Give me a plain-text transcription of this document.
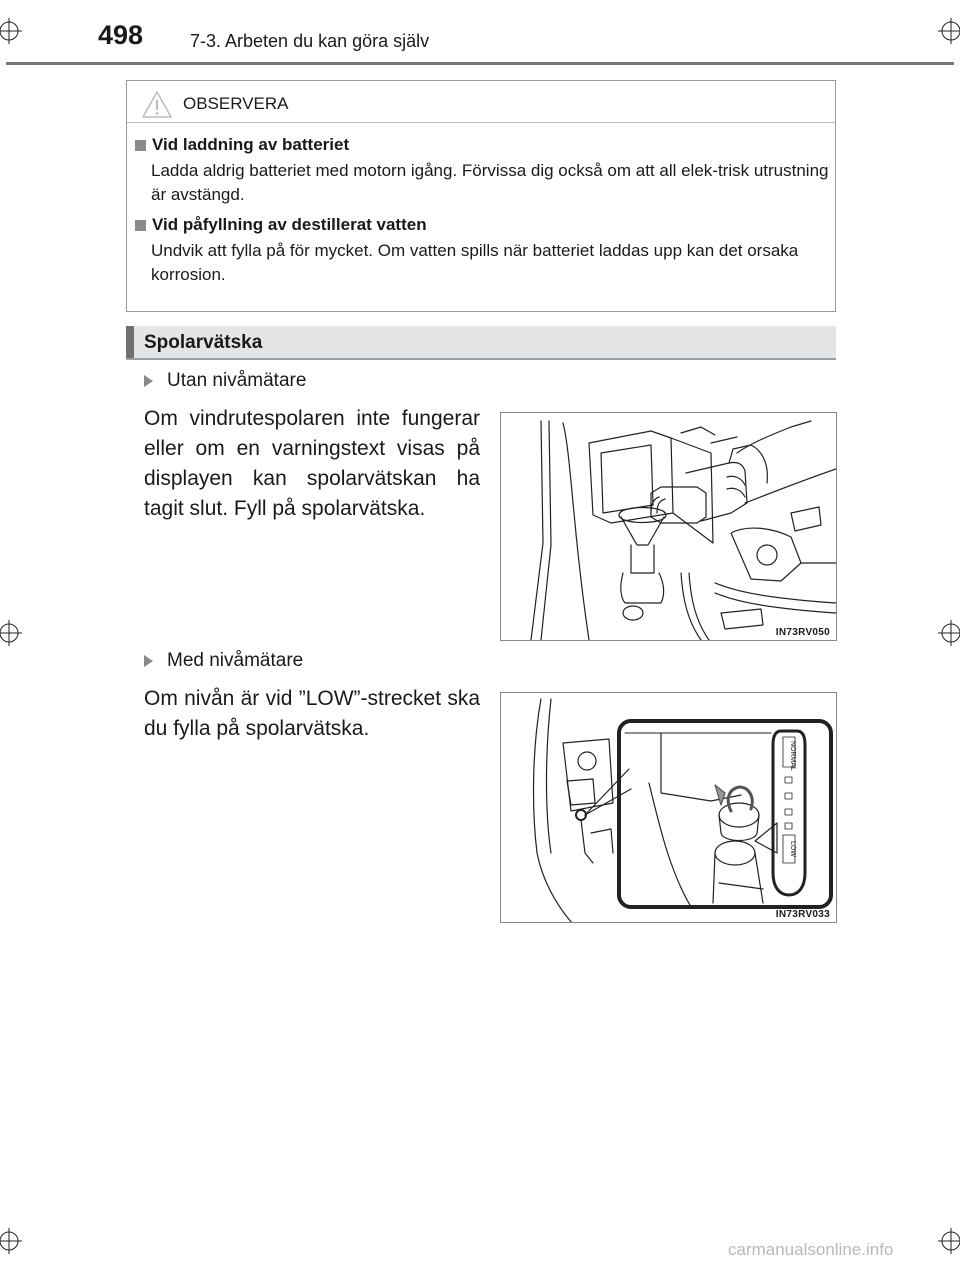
498	7-3. Arbeten du kan göra själv
OBSERVERA
Vid laddning av batteriet
Ladda aldrig batteriet med motorn igång. Förvissa dig också om att all elek-trisk utrustning är avstängd.
Vid påfyllning av destillerat vatten
Undvik att fylla på för mycket. Om vatten spills när batteriet laddas upp kan det orsaka korrosion.
Spolarvätska
Utan nivåmätare
Om vindrutespolaren inte fungerar eller om en varningstext visas på displayen kan spolarvätskan ha tagit slut. Fyll på spolarvätska.
IN73RV050
Med nivåmätare
Om nivån är vid ”LOW”-strecket ska du fylla på spolarvätska.
NORMAL
LOW
IN73RV033
carmanualsonline.info
